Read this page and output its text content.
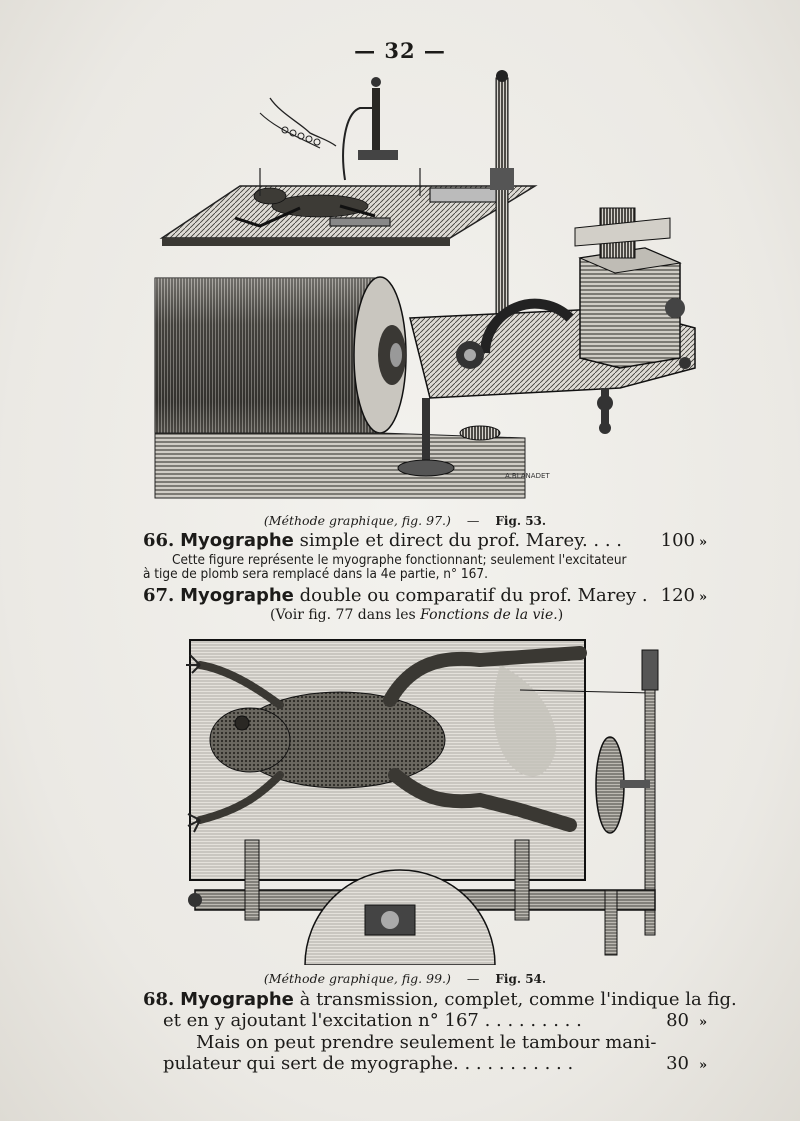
— 32 —
A.BLANADET
(Méthode graphique, fig. 97.) — Fig. 53.
66. Myographe simple et direct du prof. Marey. . . .	100 »
Cette figure représente le myographe fonctionnant; seulement l'excitateur
à tige de plomb sera remplacé dans la 4e partie, n° 167.
67. Myographe double ou comparatif du prof. Marey . 120 »
(Voir fig. 77 dans les Fonctions de la vie.)
(Méthode graphique, fig. 99.) — Fig. 54.
68. Myographe à transmission, complet, comme l'indique la fig.
et en y ajoutant l'excitation n° 167 . . . . . . . . .	80 »
Mais on peut prendre seulement le tambour mani-
pulateur qui sert de myographe. . . . . . . . . . .	30 »
